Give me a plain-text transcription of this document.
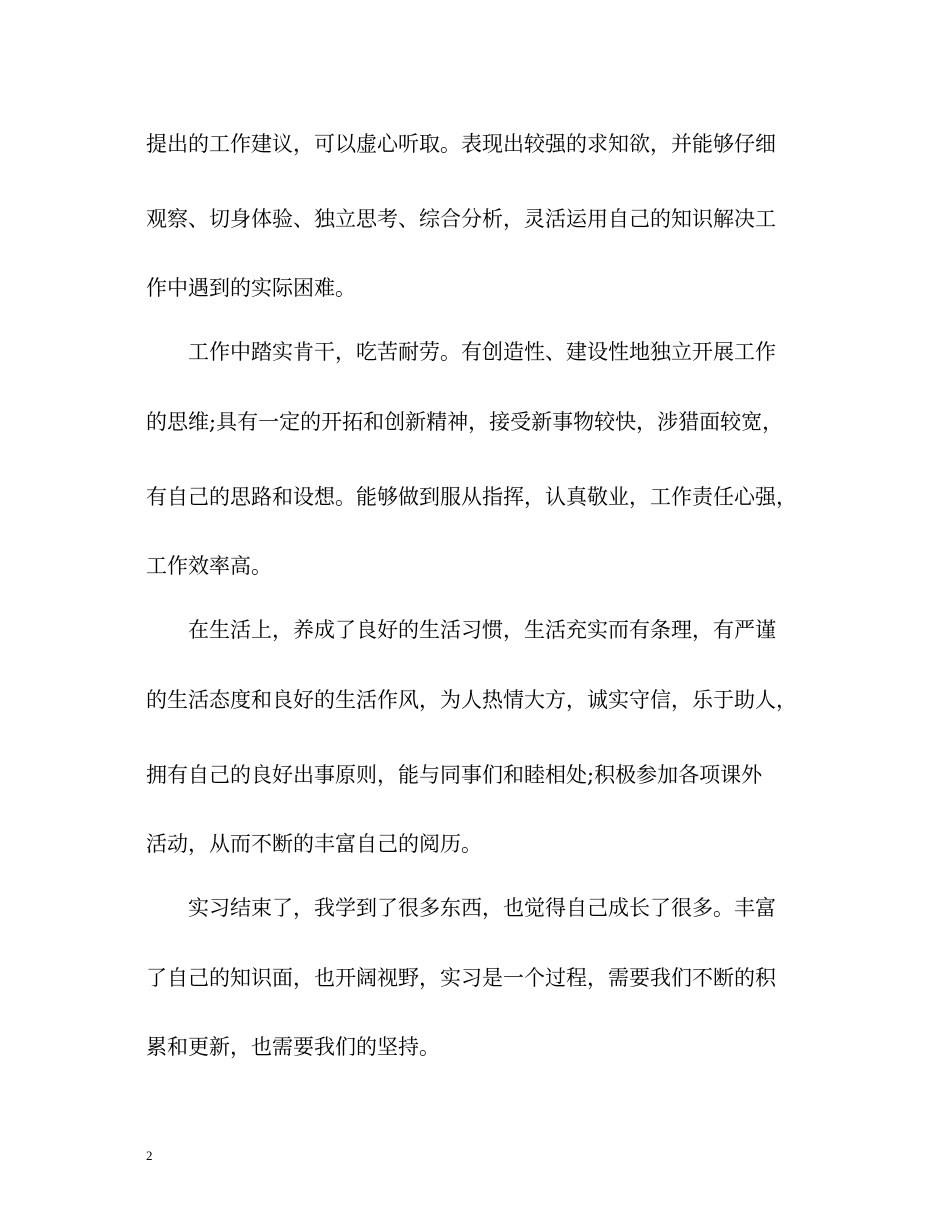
提出的工作建议，可以虚心听取。表现出较强的求知欲，并能够仔细
观察、切身体验、独立思考、综合分析，灵活运用自己的知识解决工
作中遇到的实际困难。
工作中踏实肯干，吃苦耐劳。有创造性、建设性地独立开展工作
的思维;具有一定的开拓和创新精神，接受新事物较快，涉猎面较宽，
有自己的思路和设想。能够做到服从指挥，认真敬业，工作责任心强，
工作效率高。
在生活上，养成了良好的生活习惯，生活充实而有条理，有严谨
的生活态度和良好的生活作风，为人热情大方，诚实守信，乐于助人，
拥有自己的良好出事原则，能与同事们和睦相处;积极参加各项课外
活动，从而不断的丰富自己的阅历。
实习结束了，我学到了很多东西，也觉得自己成长了很多。丰富
了自己的知识面，也开阔视野，实习是一个过程，需要我们不断的积
累和更新，也需要我们的坚持。
2
